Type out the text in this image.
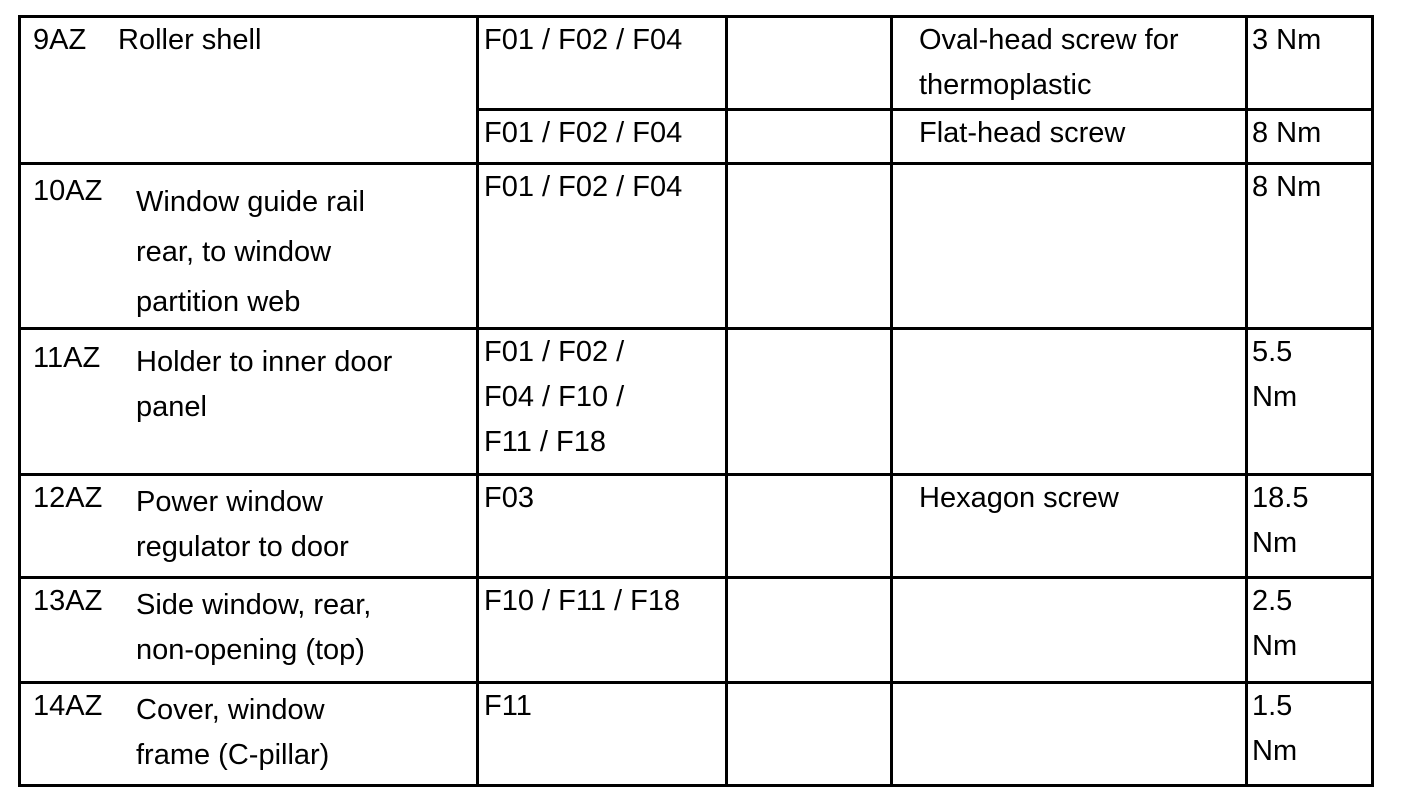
9AZ Roller shell	F01 / F02 / F04		Oval-head screw for
thermoplastic	3 Nm
	F01 / F02 / F04		Flat-head screw	8 Nm

10AZ Window guide rail
rear, to window
partition web	F01 / F02 / F04			8 Nm

11AZ Holder to inner door
panel	F01 / F02 /
F04 / F10 /
F11 / F18			5.5
Nm

12AZ Power window
regulator to door	F03		Hexagon screw	18.5
Nm

13AZ Side window, rear,
non-opening (top)	F10 / F11 / F18			2.5
Nm

14AZ Cover, window
frame (C-pillar)	F11			1.5
Nm
